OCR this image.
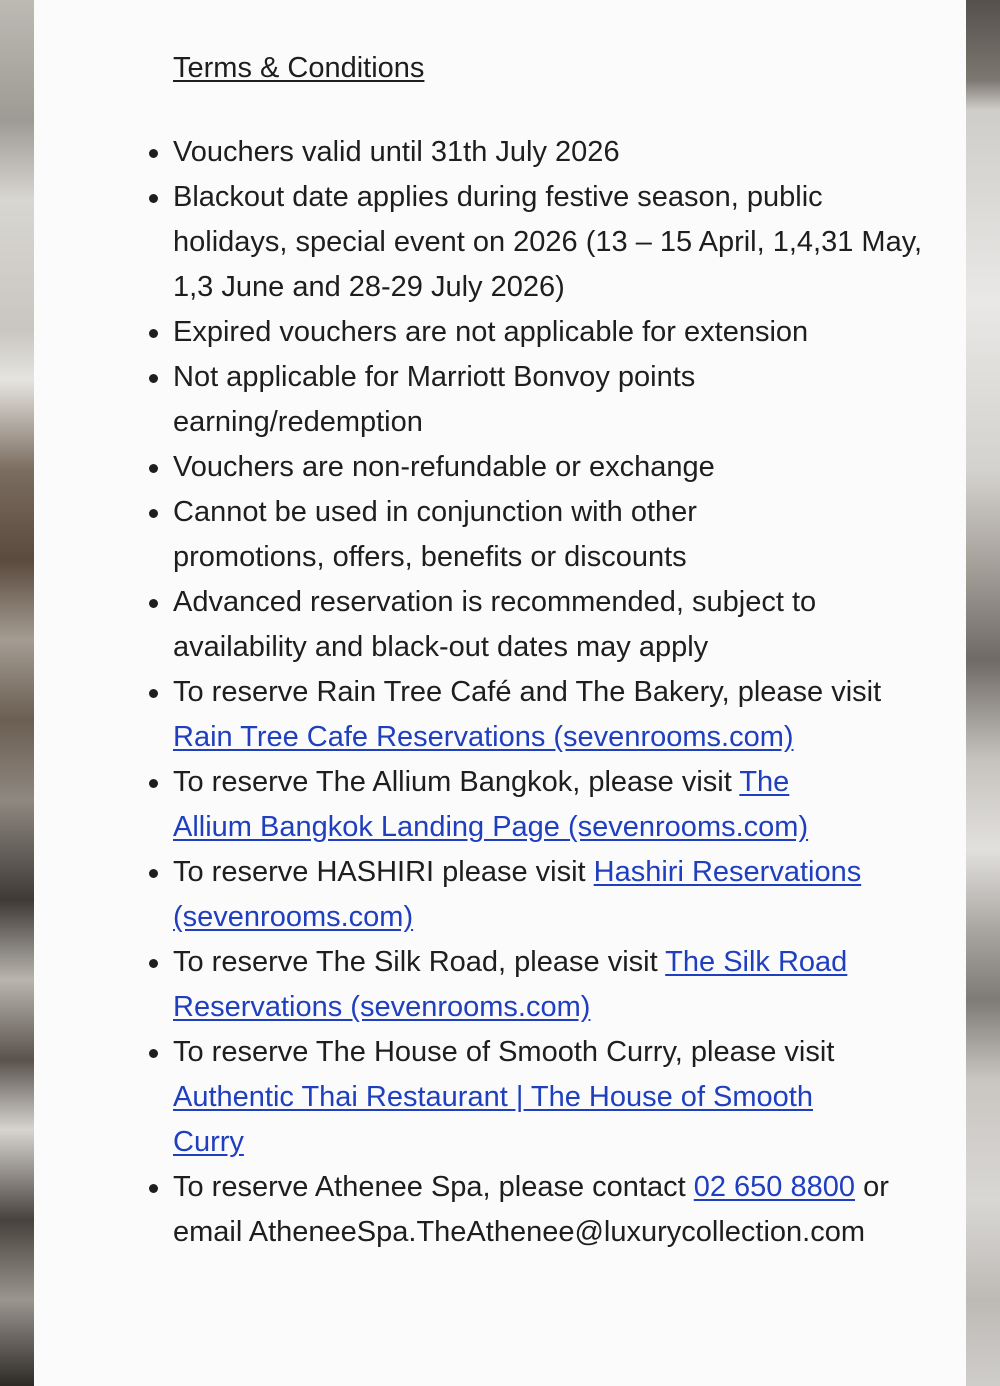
Terms & Conditions
Vouchers valid until 31th July 2026
Blackout date applies during festive season, public holidays, special event on 2026 (13 – 15 April, 1,4,31 May, 1,3 June and 28-29 July 2026)
Expired vouchers are not applicable for extension
Not applicable for Marriott Bonvoy points earning/redemption
Vouchers are non-refundable or exchange
Cannot be used in conjunction with other promotions, offers, benefits or discounts
Advanced reservation is recommended, subject to availability and black-out dates may apply
To reserve Rain Tree Café and The Bakery, please visit Rain Tree Cafe Reservations (sevenrooms.com)
To reserve The Allium Bangkok, please visit The Allium Bangkok Landing Page (sevenrooms.com)
To reserve HASHIRI please visit Hashiri Reservations (sevenrooms.com)
To reserve The Silk Road, please visit The Silk Road Reservations (sevenrooms.com)
To reserve The House of Smooth Curry, please visit Authentic Thai Restaurant | The House of Smooth Curry
To reserve Athenee Spa, please contact 02 650 8800 or email AtheneeSpa.TheAthenee@luxurycollection.com
